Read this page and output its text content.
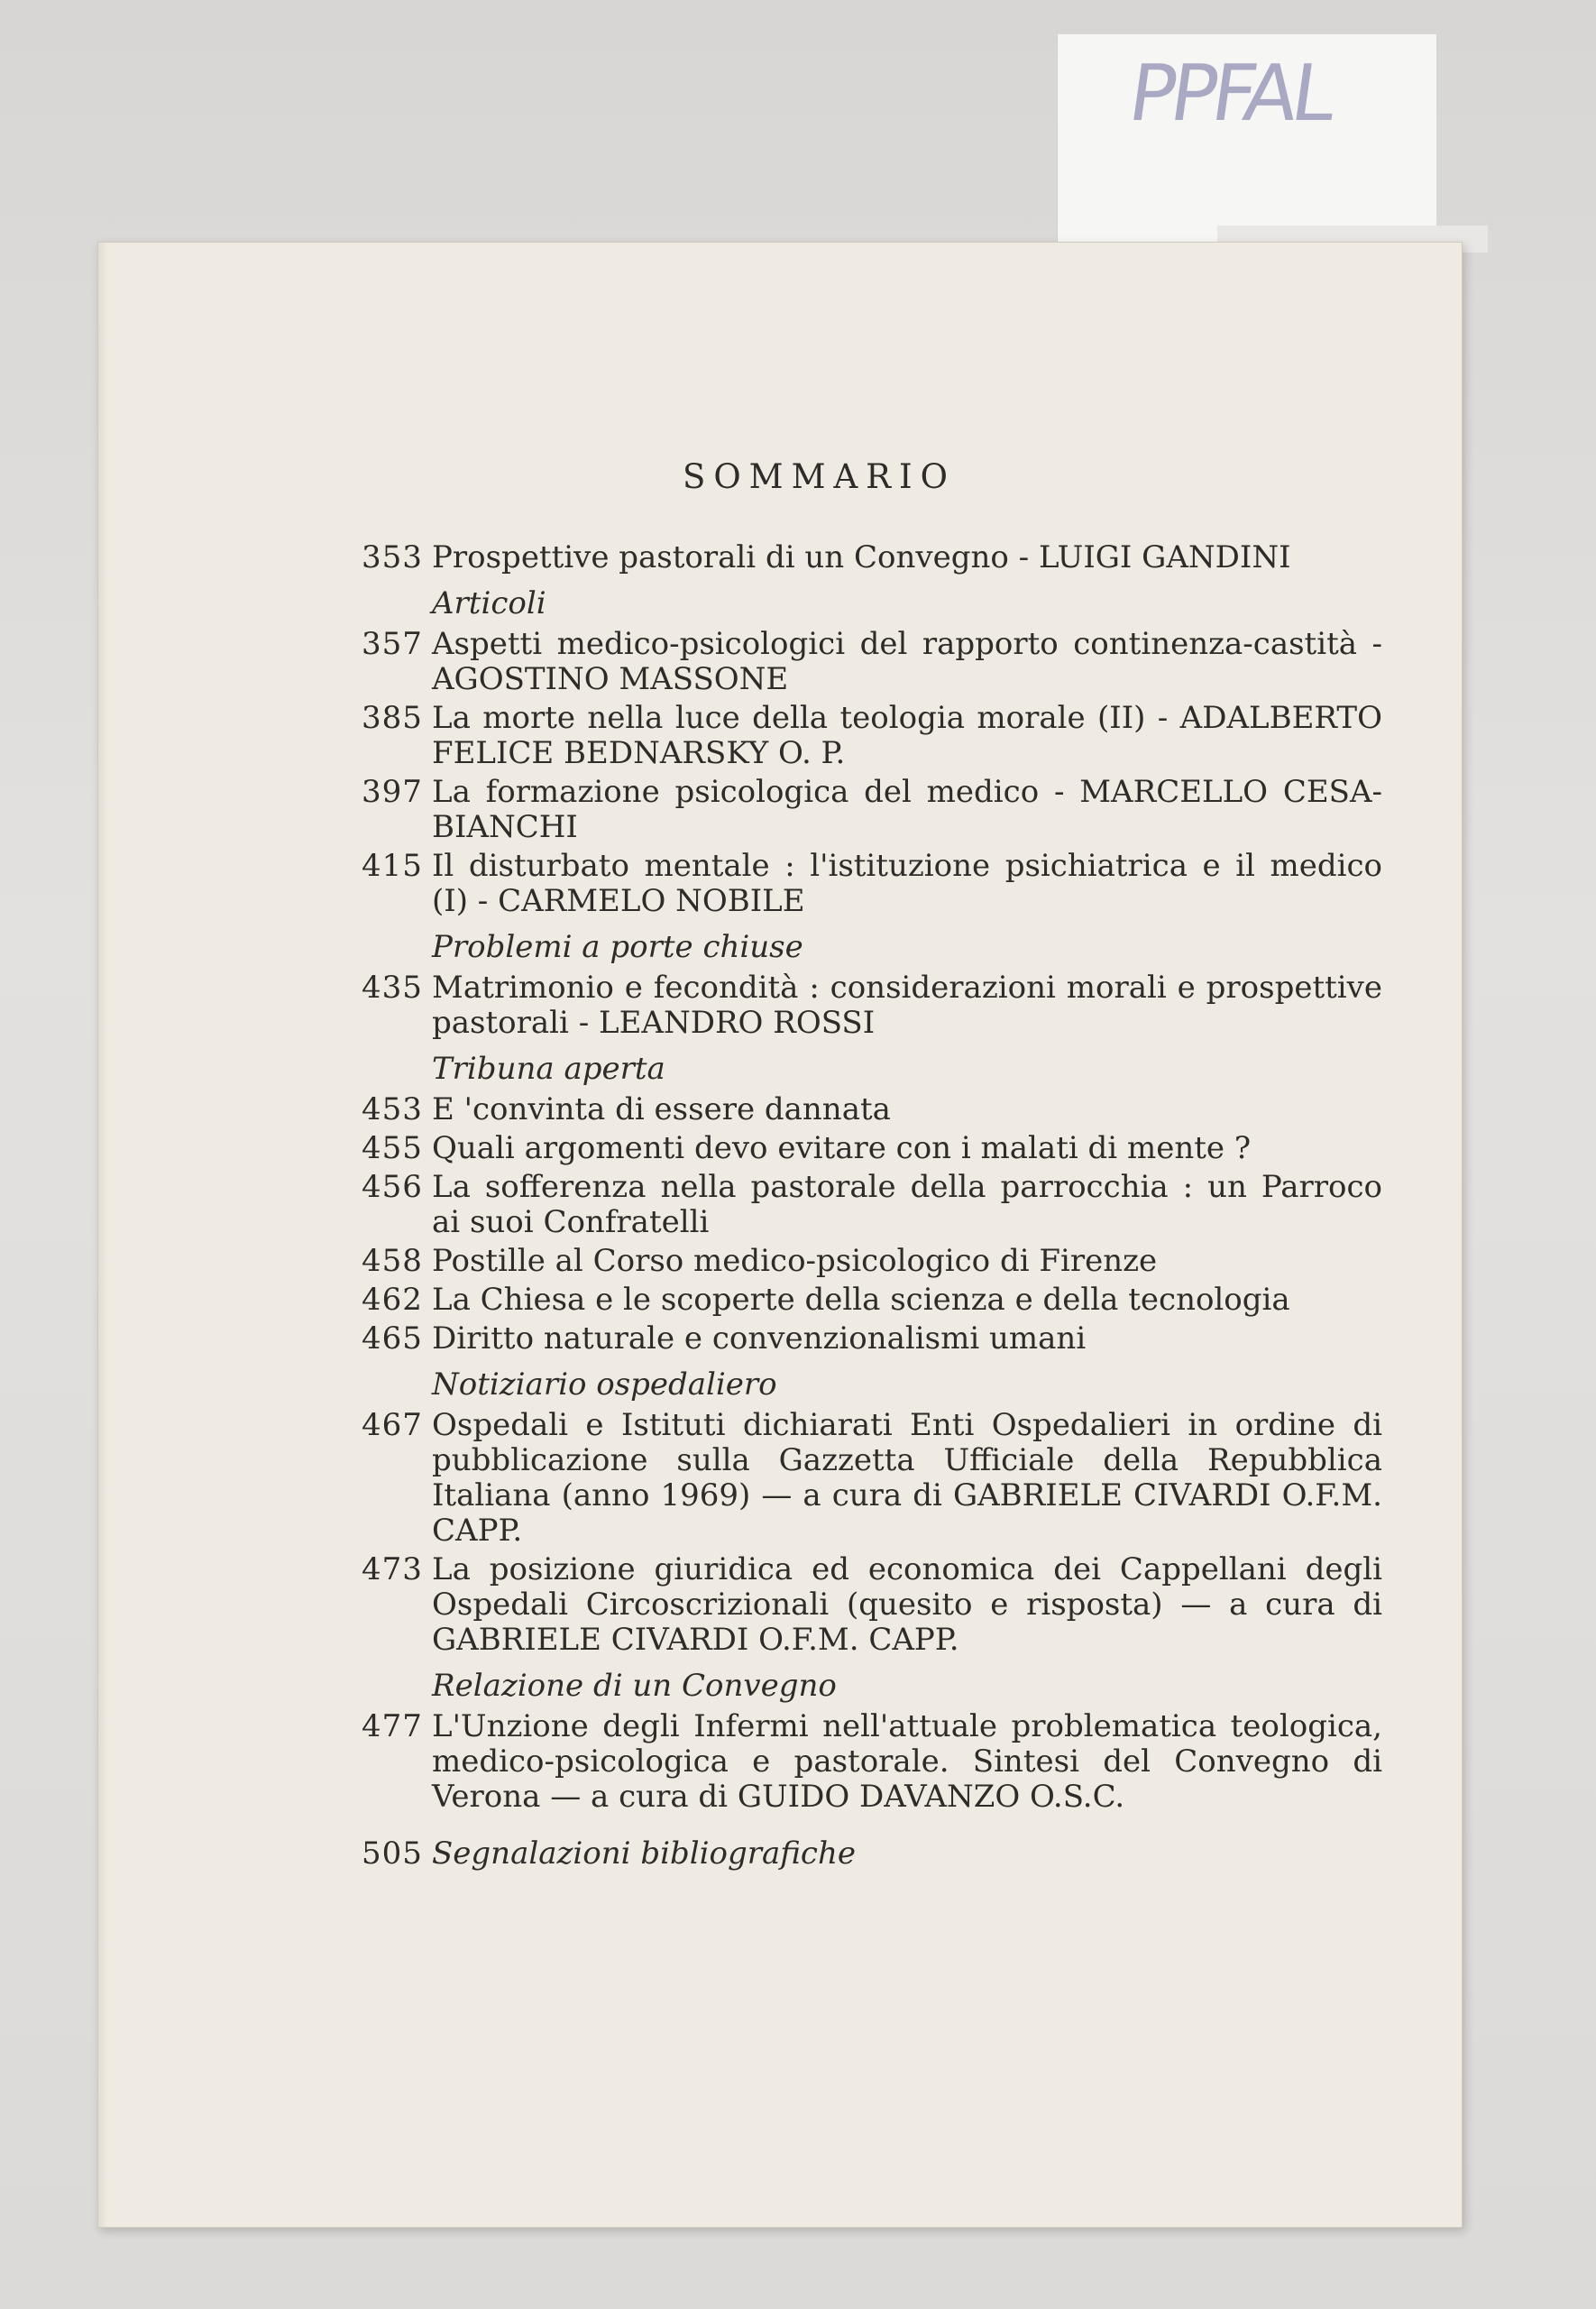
PPFAL
SOMMARIO
353 Prospettive pastorali di un Convegno - LUIGI GANDINI
Articoli
357 Aspetti medico-psicologici del rapporto continenza-castità - AGOSTINO MASSONE
385 La morte nella luce della teologia morale (II) - ADALBERTO FELICE BEDNARSKY O. P.
397 La formazione psicologica del medico - MARCELLO CESA-BIANCHI
415 Il disturbato mentale : l'istituzione psichiatrica e il medico (I) - CARMELO NOBILE
Problemi a porte chiuse
435 Matrimonio e fecondità : considerazioni morali e prospettive pastorali - LEANDRO ROSSI
Tribuna aperta
453 E 'convinta di essere dannata
455 Quali argomenti devo evitare con i malati di mente ?
456 La sofferenza nella pastorale della parrocchia : un Parroco ai suoi Confratelli
458 Postille al Corso medico-psicologico di Firenze
462 La Chiesa e le scoperte della scienza e della tecnologia
465 Diritto naturale e convenzionalismi umani
Notiziario ospedaliero
467 Ospedali e Istituti dichiarati Enti Ospedalieri in ordine di pubblicazione sulla Gazzetta Ufficiale della Repubblica Italiana (anno 1969) — a cura di GABRIELE CIVARDI O.F.M. CAPP.
473 La posizione giuridica ed economica dei Cappellani degli Ospedali Circoscrizionali (quesito e risposta) — a cura di GABRIELE CIVARDI O.F.M. CAPP.
Relazione di un Convegno
477 L'Unzione degli Infermi nell'attuale problematica teologica, medico-psicologica e pastorale. Sintesi del Convegno di Verona — a cura di GUIDO DAVANZO O.S.C.
505 Segnalazioni bibliografiche
